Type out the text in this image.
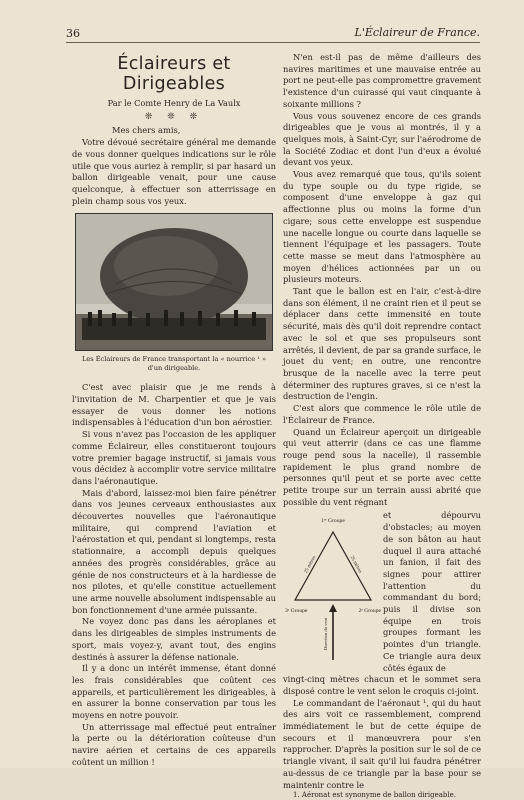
36	L'Éclaireur de France.
Éclaireurs et Dirigeables
Par le Comte Henry de La Vaulx
❊ ❊ ❊

Mes chers amis,

Votre dévoué secrétaire général me demande de vous donner quelques indications sur le rôle utile que vous auriez à remplir, si par hasard un ballon dirigeable venait, pour une cause quelconque, à effectuer son atterrissage en plein champ sous vos yeux.

Les Éclaireurs de France transportant la « nourrice ¹ » d'un dirigeable.

C'est avec plaisir que je me rends à l'invitation de M. Charpentier et que je vais essayer de vous donner les notions indispensables à l'éducation d'un bon aérostier.

Si vous n'avez pas l'occasion de les appliquer comme Éclaireur, elles constitueront toujours votre premier bagage instructif, si jamais vous vous décidez à accomplir votre service militaire dans l'aéronautique.

Mais d'abord, laissez-moi bien faire pénétrer dans vos jeunes cerveaux enthousiastes aux découvertes nouvelles que l'aéronautique militaire, qui comprend l'aviation et l'aérostation et qui, pendant si longtemps, resta stationnaire, a accompli depuis quelques années des progrès considérables, grâce au génie de nos constructeurs et à la hardiesse de nos pilotes, et qu'elle constitue actuellement une arme nouvelle absolument indispensable au bon fonctionnement d'une armée puissante.

Ne voyez donc pas dans les aéroplanes et dans les dirigeables de simples instruments de sport, mais voyez-y, avant tout, des engins destinés à assurer la défense nationale.

Il y a donc un intérêt immense, étant donné les frais considérables que coûtent ces appareils, et particulièrement les dirigeables, à en assurer la bonne conservation par tous les moyens en notre pouvoir.

Un atterrissage mal effectué peut entraîner la perte ou la détérioration coûteuse d'un navire aérien et certains de ces appareils coûtent un million !

N'en est-il pas de même d'ailleurs des navires maritimes et une mauvaise entrée au port ne peut-elle pas compromettre gravement l'existence d'un cuirassé qui vaut cinquante à soixante millions ?

Vous vous souvenez encore de ces grands dirigeables que je vous ai montrés, il y a quelques mois, à Saint-Cyr, sur l'aérodrome de la Société Zodiac et dont l'un d'eux a évolué devant vos yeux.

Vous avez remarqué que tous, qu'ils soient du type souple ou du type rigide, se composent d'une enveloppe à gaz qui affectionne plus ou moins la forme d'un cigare; sous cette enveloppe est suspendue une nacelle longue ou courte dans laquelle se tiennent l'équipage et les passagers. Toute cette masse se meut dans l'atmosphère au moyen d'hélices actionnées par un ou plusieurs moteurs.

Tant que le ballon est en l'air, c'est-à-dire dans son élément, il ne craint rien et il peut se déplacer dans cette immensité en toute sécurité, mais dès qu'il doit reprendre contact avec le sol et que ses propulseurs sont arrêtés, il devient, de par sa grande surface, le jouet du vent; en outre, une rencontre brusque de la nacelle avec la terre peut déterminer des ruptures graves, si ce n'est la destruction de l'engin.

C'est alors que commence le rôle utile de l'Éclaireur de France.

Quand un Éclaireur aperçoit un dirigeable qui veut atterrir (dans ce cas une flamme rouge pend sous la nacelle), il rassemble rapidement le plus grand nombre de personnes qu'il peut et se porte avec cette petite troupe sur un terrain aussi abrité que possible du vent régnant

1ᵉʳ Groupe
3ᵉ Groupe	2ᵉ Groupe
25 mètres	25 mètres
Direction du vent

et dépourvu d'obstacles; au moyen de son bâton au haut duquel il aura attaché un fanion, il fait des signes pour attirer l'attention du commandant du bord; puis il divise son équipe en trois groupes formant les pointes d'un triangle. Ce triangle aura deux côtés égaux de

vingt-cinq mètres chacun et le sommet sera disposé contre le vent selon le croquis ci-joint.

Le commandant de l'aéronaut ¹, qui du haut des airs voit ce rassemblement, comprend immédiatement le but de cette équipe de secours et il manœuvrera pour s'en rapprocher. D'après la position sur le sol de ce triangle vivant, il sait qu'il lui faudra pénétrer au-dessus de ce triangle par la base pour se maintenir contre le

1. Aéronat est synonyme de ballon dirigeable.
